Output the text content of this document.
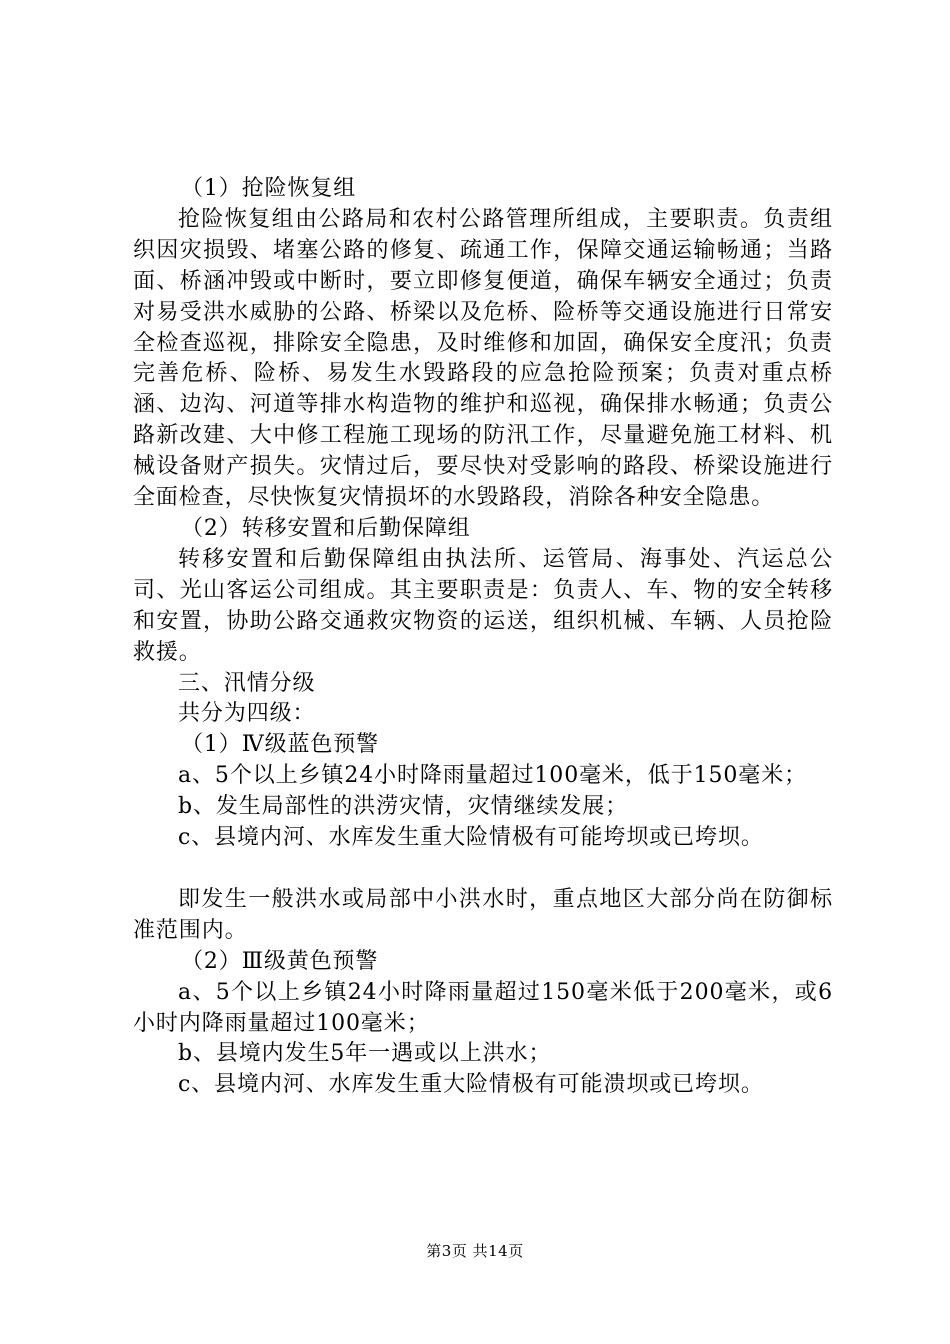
（1）抢险恢复组

抢险恢复组由公路局和农村公路管理所组成，主要职责。负责组织因灾损毁、堵塞公路的修复、疏通工作，保障交通运输畅通；当路面、桥涵冲毁或中断时，要立即修复便道，确保车辆安全通过；负责对易受洪水威胁的公路、桥梁以及危桥、险桥等交通设施进行日常安全检查巡视，排除安全隐患，及时维修和加固，确保安全度汛；负责完善危桥、险桥、易发生水毁路段的应急抢险预案；负责对重点桥涵、边沟、河道等排水构造物的维护和巡视，确保排水畅通；负责公路新改建、大中修工程施工现场的防汛工作，尽量避免施工材料、机械设备财产损失。灾情过后，要尽快对受影响的路段、桥梁设施进行全面检查，尽快恢复灾情损坏的水毁路段，消除各种安全隐患。

（2）转移安置和后勤保障组

转移安置和后勤保障组由执法所、运管局、海事处、汽运总公司、光山客运公司组成。其主要职责是：负责人、车、物的安全转移和安置，协助公路交通救灾物资的运送，组织机械、车辆、人员抢险救援。

三、汛情分级

共分为四级：

（1）Ⅳ级蓝色预警

a、5个以上乡镇24小时降雨量超过100毫米，低于150毫米；

b、发生局部性的洪涝灾情，灾情继续发展；

c、县境内河、水库发生重大险情极有可能垮坝或已垮坝。

即发生一般洪水或局部中小洪水时，重点地区大部分尚在防御标准范围内。

（2）Ⅲ级黄色预警

a、5个以上乡镇24小时降雨量超过150毫米低于200毫米，或6小时内降雨量超过100毫米；

b、县境内发生5年一遇或以上洪水；

c、县境内河、水库发生重大险情极有可能溃坝或已垮坝。

第3页 共14页
